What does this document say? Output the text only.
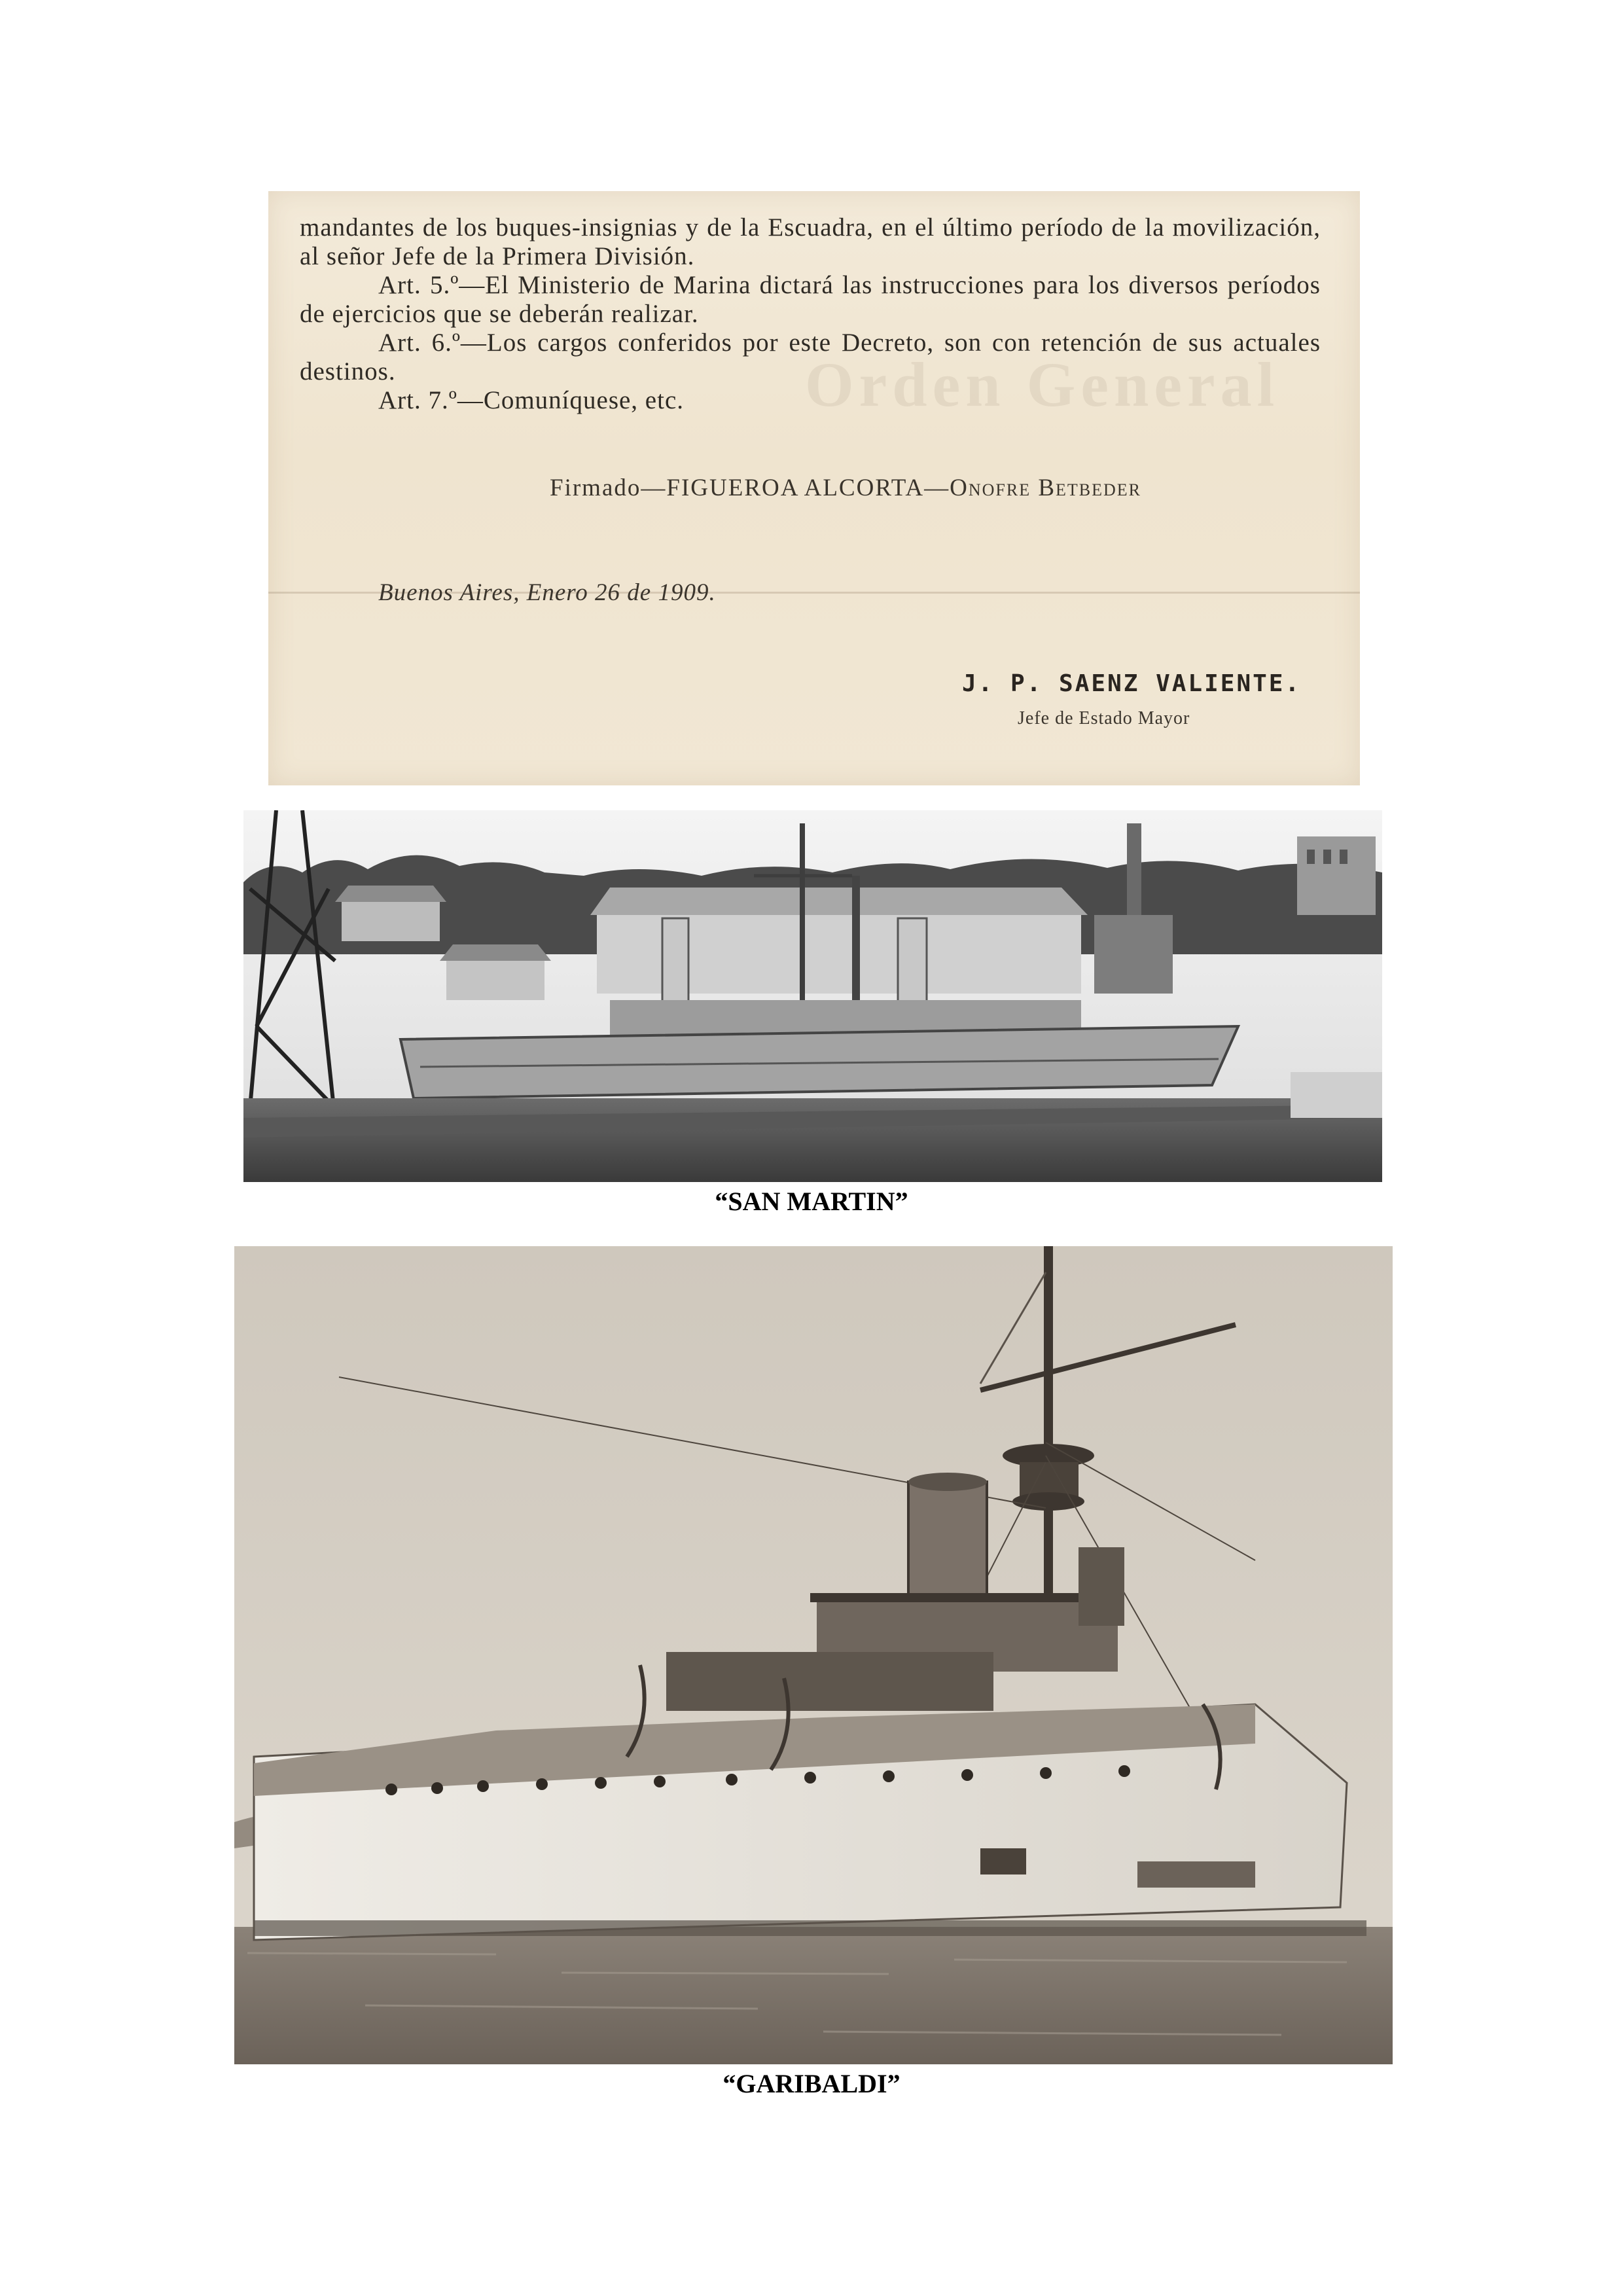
Orden General
mandantes de los buques-insignias y de la Escuadra, en el último período de la movilización, al señor Jefe de la Primera División.
Art. 5.º—El Ministerio de Marina dictará las instrucciones para los diversos períodos de ejercicios que se deberán realizar.
Art. 6.º—Los cargos conferidos por este Decreto, son con retención de sus actuales destinos.
Art. 7.º—Comuníquese, etc.
Firmado—FIGUEROA ALCORTA—Onofre Betbeder
Buenos Aires, Enero 26 de 1909.
J. P. SAENZ VALIENTE.
Jefe de Estado Mayor
“SAN MARTIN”
“GARIBALDI”
